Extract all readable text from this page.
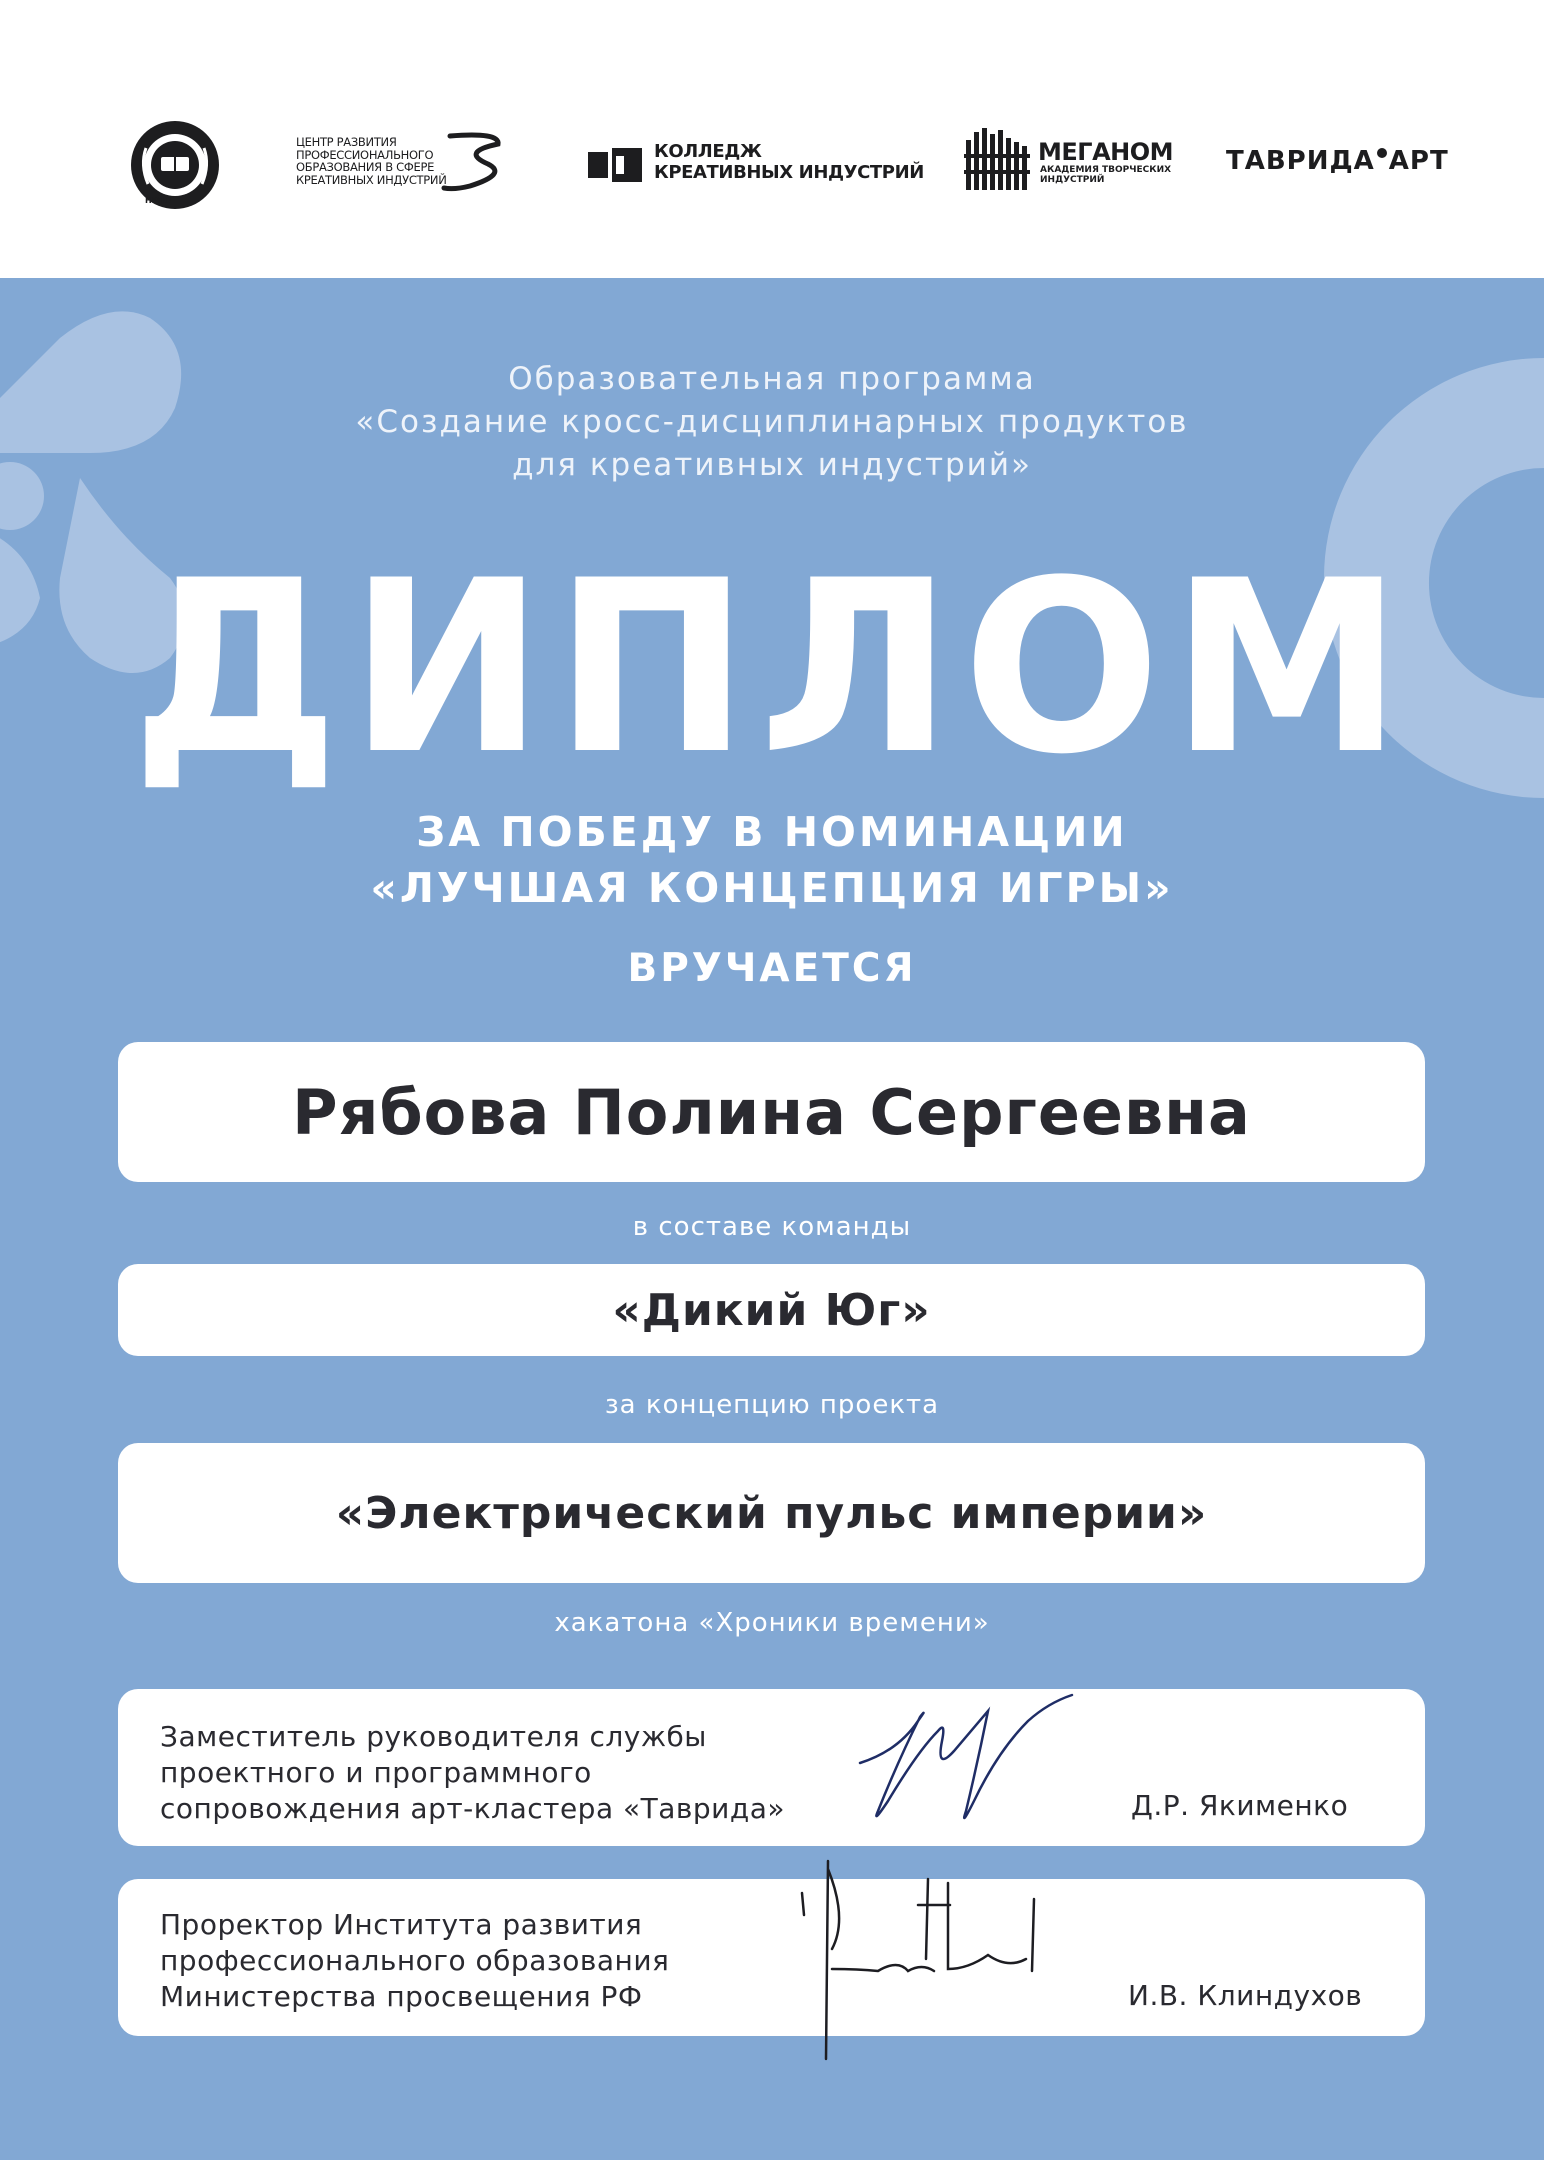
НРПО
ЦЕНТР РАЗВИТИЯ
ПРОФЕССИОНАЛЬНОГО
ОБРАЗОВАНИЯ В СФЕРЕ
КРЕАТИВНЫХ ИНДУСТРИЙ
КОЛЛЕДЖ
КРЕАТИВНЫХ ИНДУСТРИЙ
МЕГАНОМ
АКАДЕМИЯ ТВОРЧЕСКИХ
ИНДУСТРИЙ
ТАВРИДА АРТ
Образовательная программа
«Создание кросс-дисциплинарных продуктов
для креативных индустрий»
ДИПЛОМ
ЗА ПОБЕДУ В НОМИНАЦИИ
«ЛУЧШАЯ КОНЦЕПЦИЯ ИГРЫ»
ВРУЧАЕТСЯ
Рябова Полина Сергеевна
в составе команды
«Дикий Юг»
за концепцию проекта
«Электрический пульс империи»
хакатона «Хроники времени»
Заместитель руководителя службы
проектного и программного
сопровождения арт-кластера «Таврида»	Д.Р. Якименко
Проректор Института развития
профессионального образования
Министерства просвещения РФ	И.В. Клиндухов
